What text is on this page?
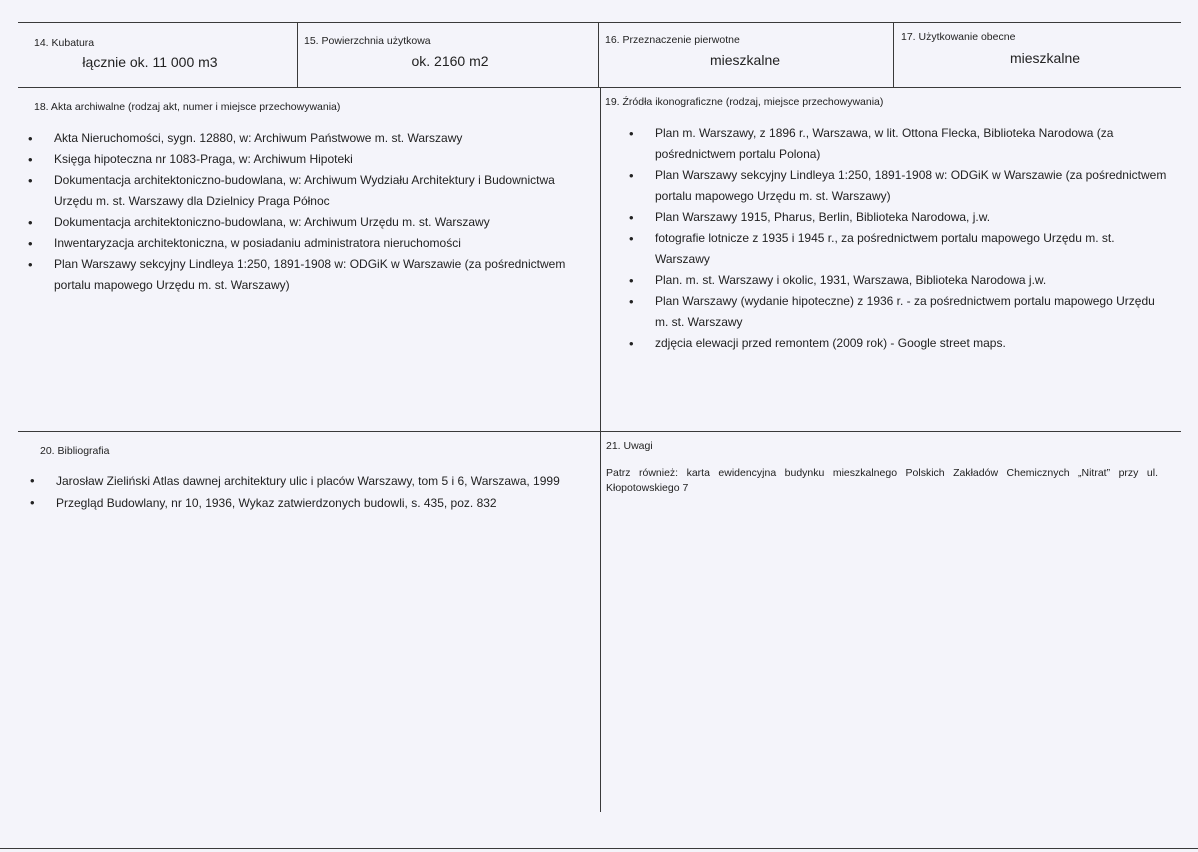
14. Kubatura
łącznie ok. 11 000 m3
15. Powierzchnia użytkowa
ok. 2160 m2
16. Przeznaczenie pierwotne
mieszkalne
17. Użytkowanie obecne
mieszkalne
18. Akta archiwalne (rodzaj akt, numer i miejsce przechowywania)
• Akta Nieruchomości, sygn. 12880, w: Archiwum Państwowe m. st. Warszawy
• Księga hipoteczna nr 1083-Praga, w: Archiwum Hipoteki
• Dokumentacja architektoniczno-budowlana, w: Archiwum Wydziału Architektury i Budownictwa Urzędu m. st. Warszawy dla Dzielnicy Praga Północ
• Dokumentacja architektoniczno-budowlana, w: Archiwum Urzędu m. st. Warszawy
• Inwentaryzacja architektoniczna, w posiadaniu administratora nieruchomości
• Plan Warszawy sekcyjny Lindleya 1:250, 1891-1908 w: ODGiK w Warszawie (za pośrednictwem portalu mapowego Urzędu m. st. Warszawy)
19. Źródła ikonograficzne (rodzaj, miejsce przechowywania)
• Plan m. Warszawy, z 1896 r., Warszawa, w lit. Ottona Flecka, Biblioteka Narodowa (za pośrednictwem portalu Polona)
• Plan Warszawy sekcyjny Lindleya 1:250, 1891-1908 w: ODGiK w Warszawie (za pośrednictwem portalu mapowego Urzędu m. st. Warszawy)
• Plan Warszawy 1915, Pharus, Berlin, Biblioteka Narodowa, j.w.
• fotografie lotnicze z 1935 i 1945 r., za pośrednictwem portalu mapowego Urzędu m. st. Warszawy
• Plan. m. st. Warszawy i okolic, 1931, Warszawa, Biblioteka Narodowa j.w.
• Plan Warszawy (wydanie hipoteczne) z 1936 r. - za pośrednictwem portalu mapowego Urzędu m. st. Warszawy
• zdjęcia elewacji przed remontem (2009 rok) - Google street maps.
20. Bibliografia
• Jarosław Zieliński Atlas dawnej architektury ulic i placów Warszawy, tom 5 i 6, Warszawa, 1999
• Przegląd Budowlany, nr 10, 1936, Wykaz zatwierdzonych budowli, s. 435, poz. 832
21. Uwagi
Patrz również: karta ewidencyjna budynku mieszkalnego Polskich Zakładów Chemicznych „Nitrat” przy ul. Kłopotowskiego 7
